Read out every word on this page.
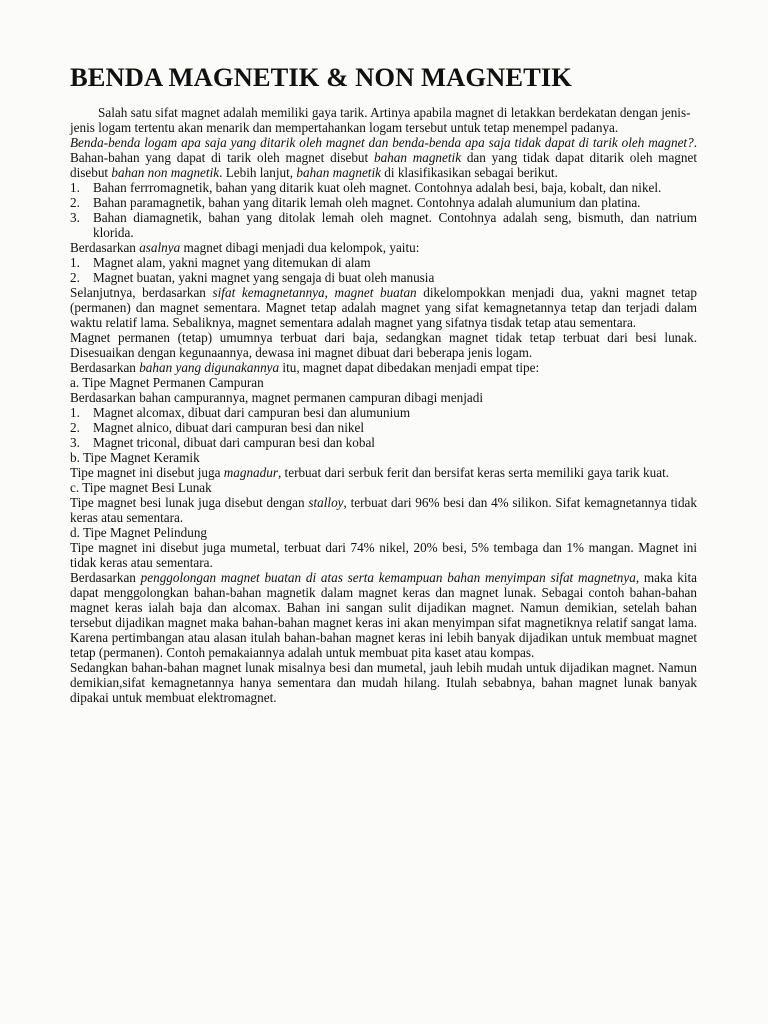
BENDA MAGNETIK & NON MAGNETIK

Salah satu sifat magnet adalah memiliki gaya tarik. Artinya apabila magnet di letakkan berdekatan dengan jenis-jenis logam tertentu akan menarik dan mempertahankan logam tersebut untuk tetap menempel padanya.

Benda-benda logam apa saja yang ditarik oleh magnet dan benda-benda apa saja tidak dapat di tarik oleh magnet?. Bahan-bahan yang dapat di tarik oleh magnet disebut bahan magnetik dan yang tidak dapat ditarik oleh magnet disebut bahan non magnetik. Lebih lanjut, bahan magnetik di klasifikasikan sebagai berikut.

1. Bahan ferrromagnetik, bahan yang ditarik kuat oleh magnet. Contohnya adalah besi, baja, kobalt, dan nikel.
2. Bahan paramagnetik, bahan yang ditarik lemah oleh magnet. Contohnya adalah alumunium dan platina.
3. Bahan diamagnetik, bahan yang ditolak lemah oleh magnet. Contohnya adalah seng, bismuth, dan natrium klorida.

Berdasarkan asalnya magnet dibagi menjadi dua kelompok, yaitu:

1. Magnet alam, yakni magnet yang ditemukan di alam
2. Magnet buatan, yakni magnet yang sengaja di buat oleh manusia

Selanjutnya, berdasarkan sifat kemagnetannya, magnet buatan dikelompokkan menjadi dua, yakni magnet tetap (permanen) dan magnet sementara. Magnet tetap adalah magnet yang sifat kemagnetannya tetap dan terjadi dalam waktu relatif lama. Sebaliknya, magnet sementara adalah magnet yang sifatnya tisdak tetap atau sementara.

Magnet permanen (tetap) umumnya terbuat dari baja, sedangkan magnet tidak tetap terbuat dari besi lunak. Disesuaikan dengan kegunaannya, dewasa ini magnet dibuat dari beberapa jenis logam.

Berdasarkan bahan yang digunakannya itu, magnet dapat dibedakan menjadi empat tipe:

a. Tipe Magnet Permanen Campuran

Berdasarkan bahan campurannya, magnet permanen campuran dibagi menjadi

1. Magnet alcomax, dibuat dari campuran besi dan alumunium
2. Magnet alnico, dibuat dari campuran besi dan nikel
3. Magnet triconal, dibuat dari campuran besi dan kobal

b. Tipe Magnet Keramik

Tipe magnet ini disebut juga magnadur, terbuat dari serbuk ferit dan bersifat keras serta memiliki gaya tarik kuat.

c. Tipe magnet Besi Lunak

Tipe magnet besi lunak juga disebut dengan stalloy, terbuat dari 96% besi dan 4% silikon. Sifat kemagnetannya tidak keras atau sementara.

d. Tipe Magnet Pelindung

Tipe magnet ini disebut juga mumetal, terbuat dari 74% nikel, 20% besi, 5% tembaga dan 1% mangan. Magnet ini tidak keras atau sementara.

Berdasarkan penggolongan magnet buatan di atas serta kemampuan bahan menyimpan sifat magnetnya, maka kita dapat menggolongkan bahan-bahan magnetik dalam magnet keras dan magnet lunak. Sebagai contoh bahan-bahan magnet keras ialah baja dan alcomax. Bahan ini sangan sulit dijadikan magnet. Namun demikian, setelah bahan tersebut dijadikan magnet maka bahan-bahan magnet keras ini akan menyimpan sifat magnetiknya relatif sangat lama. Karena pertimbangan atau alasan itulah bahan-bahan magnet keras ini lebih banyak dijadikan untuk membuat magnet tetap (permanen). Contoh pemakaiannya adalah untuk membuat pita kaset atau kompas.

Sedangkan bahan-bahan magnet lunak misalnya besi dan mumetal, jauh lebih mudah untuk dijadikan magnet. Namun demikian,sifat kemagnetannya hanya sementara dan mudah hilang. Itulah sebabnya, bahan magnet lunak banyak dipakai untuk membuat elektromagnet.
